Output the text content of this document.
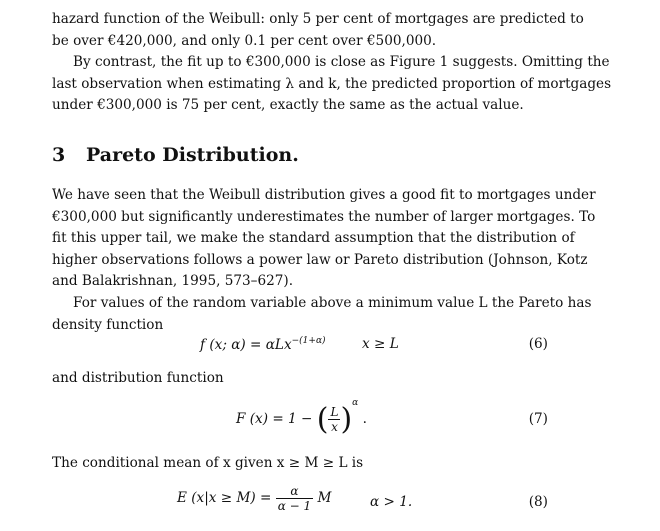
hazard function of the Weibull: only 5 per cent of mortgages are predicted to
be over €420,000, and only 0.1 per cent over €500,000.

By contrast, the fit up to €300,000 is close as Figure 1 suggests. Omitting the
last observation when estimating λ and k, the predicted proportion of mortgages
under €300,000 is 75 per cent, exactly the same as the actual value.

3 Pareto Distribution.

We have seen that the Weibull distribution gives a good fit to mortgages under
€300,000 but significantly underestimates the number of larger mortgages. To
fit this upper tail, we make the standard assumption that the distribution of
higher observations follows a power law or Pareto distribution (Johnson, Kotz
and Balakrishnan, 1995, 573–627).

For values of the random variable above a minimum value L the Pareto has
density function

f (x; α) = αLx$^{-(1+\alpha)}$	x ≥ L	(6)

and distribution function

F (x) = 1 − ( $\frac{L}{x} )^\alpha$ .	(7)

The conditional mean of x given x ≥ M ≥ L is

E $(x|x \ge M) = \frac{\alpha}{\alpha - 1}$ M	α > 1.	(8)
